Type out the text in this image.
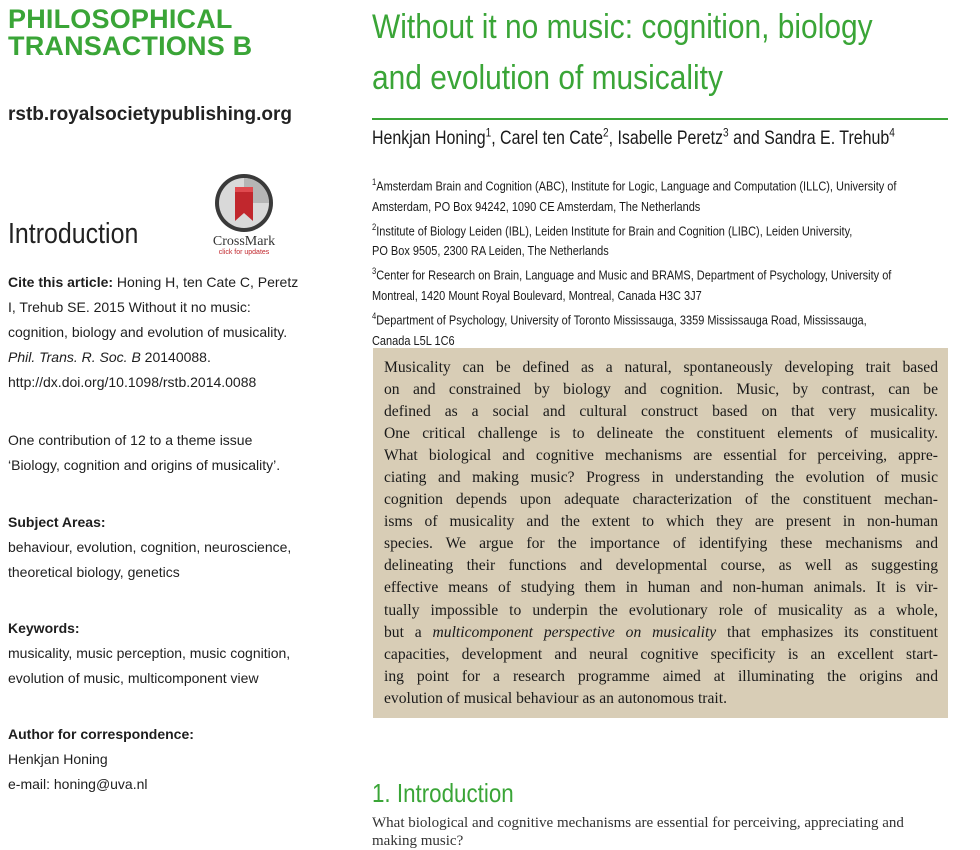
PHILOSOPHICAL
TRANSACTIONS B
rstb.royalsocietypublishing.org
Introduction	CrossMark
click for updates
Cite this article: Honing H, ten Cate C, Peretz
I, Trehub SE. 2015 Without it no music:
cognition, biology and evolution of musicality.
Phil. Trans. R. Soc. B 20140088.
http://dx.doi.org/10.1098/rstb.2014.0088
One contribution of 12 to a theme issue
‘Biology, cognition and origins of musicality’.
Subject Areas:
behaviour, evolution, cognition, neuroscience,
theoretical biology, genetics
Keywords:
musicality, music perception, music cognition,
evolution of music, multicomponent view
Author for correspondence:
Henkjan Honing
e-mail: honing@uva.nl
Without it no music: cognition, biology
and evolution of musicality
Henkjan Honing$^1$, Carel ten Cate$^2$, Isabelle Peretz$^3$ and Sandra E. Trehub$^4$
$^1$Amsterdam Brain and Cognition (ABC), Institute for Logic, Language and Computation (ILLC), University of
Amsterdam, PO Box 94242, 1090 CE Amsterdam, The Netherlands
$^2$Institute of Biology Leiden (IBL), Leiden Institute for Brain and Cognition (LIBC), Leiden University,
PO Box 9505, 2300 RA Leiden, The Netherlands
$^3$Center for Research on Brain, Language and Music and BRAMS, Department of Psychology, University of
Montreal, 1420 Mount Royal Boulevard, Montreal, Canada H3C 3J7
$^4$Department of Psychology, University of Toronto Mississauga, 3359 Mississauga Road, Mississauga,
Canada L5L 1C6
Musicality can be defined as a natural, spontaneously developing trait based
on and constrained by biology and cognition. Music, by contrast, can be
defined as a social and cultural construct based on that very musicality.
One critical challenge is to delineate the constituent elements of musicality.
What biological and cognitive mechanisms are essential for perceiving, appre-
ciating and making music? Progress in understanding the evolution of music
cognition depends upon adequate characterization of the constituent mechan-
isms of musicality and the extent to which they are present in non-human
species. We argue for the importance of identifying these mechanisms and
delineating their functions and developmental course, as well as suggesting
effective means of studying them in human and non-human animals. It is vir-
tually impossible to underpin the evolutionary role of musicality as a whole,
but a multicomponent perspective on musicality that emphasizes its constituent
capacities, development and neural cognitive specificity is an excellent start-
ing point for a research programme aimed at illuminating the origins and
evolution of musical behaviour as an autonomous trait.
1. Introduction
What biological and cognitive mechanisms are essential for perceiving, appreciating and making music?
